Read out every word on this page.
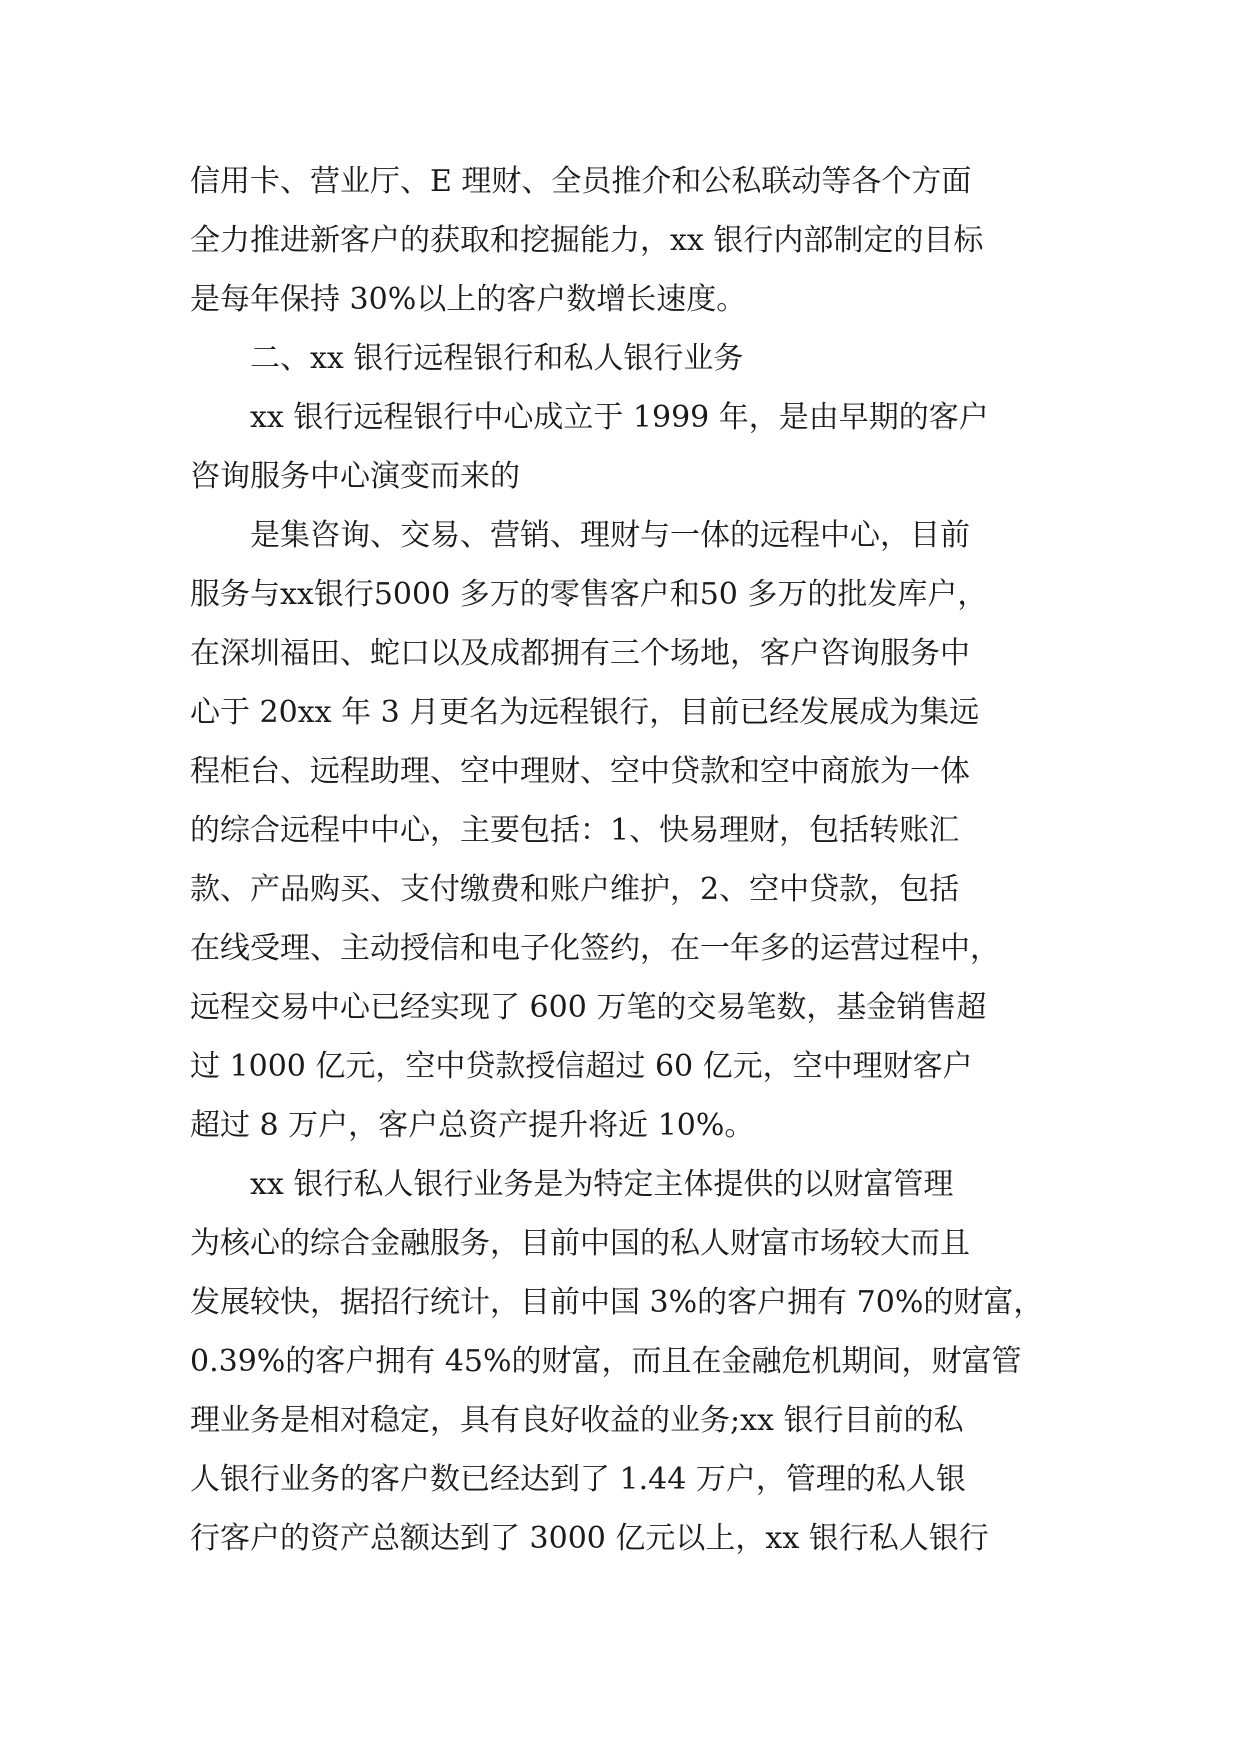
信用卡、营业厅、E 理财、全员推介和公私联动等各个方面
全力推进新客户的获取和挖掘能力，xx 银行内部制定的目标
是每年保持 30%以上的客户数增长速度。
　　二、xx 银行远程银行和私人银行业务
　　xx 银行远程银行中心成立于 1999 年，是由早期的客户
咨询服务中心演变而来的
　　是集咨询、交易、营销、理财与一体的远程中心，目前
服务与xx银行5000 多万的零售客户和50 多万的批发库户，
在深圳福田、蛇口以及成都拥有三个场地，客户咨询服务中
心于 20xx 年 3 月更名为远程银行，目前已经发展成为集远
程柜台、远程助理、空中理财、空中贷款和空中商旅为一体
的综合远程中中心，主要包括：1、快易理财，包括转账汇
款、产品购买、支付缴费和账户维护，2、空中贷款，包括
在线受理、主动授信和电子化签约，在一年多的运营过程中，
远程交易中心已经实现了 600 万笔的交易笔数，基金销售超
过 1000 亿元，空中贷款授信超过 60 亿元，空中理财客户
超过 8 万户，客户总资产提升将近 10%。
　　xx 银行私人银行业务是为特定主体提供的以财富管理
为核心的综合金融服务，目前中国的私人财富市场较大而且
发展较快，据招行统计，目前中国 3%的客户拥有 70%的财富，
0.39%的客户拥有 45%的财富，而且在金融危机期间，财富管
理业务是相对稳定，具有良好收益的业务;xx 银行目前的私
人银行业务的客户数已经达到了 1.44 万户，管理的私人银
行客户的资产总额达到了 3000 亿元以上，xx 银行私人银行
